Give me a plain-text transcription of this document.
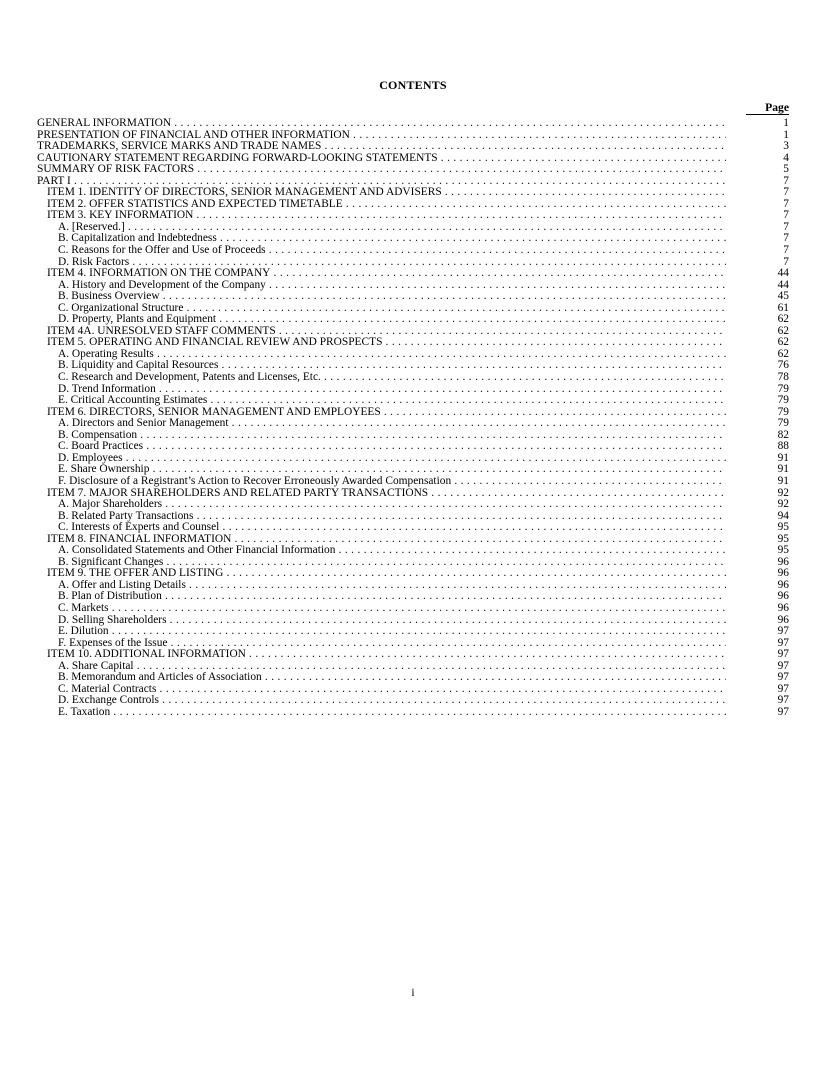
CONTENTS
Page
GENERAL INFORMATION . . .	1
PRESENTATION OF FINANCIAL AND OTHER INFORMATION . . .	1
TRADEMARKS, SERVICE MARKS AND TRADE NAMES . . .	3
CAUTIONARY STATEMENT REGARDING FORWARD-LOOKING STATEMENTS . . .	4
SUMMARY OF RISK FACTORS . . .	5
PART I . . .	7
ITEM 1. IDENTITY OF DIRECTORS, SENIOR MANAGEMENT AND ADVISERS . . .	7
ITEM 2. OFFER STATISTICS AND EXPECTED TIMETABLE . . .	7
ITEM 3. KEY INFORMATION . . .	7
A. [Reserved.] . . .	7
B. Capitalization and Indebtedness . . .	7
C. Reasons for the Offer and Use of Proceeds . . .	7
D. Risk Factors . . .	7
ITEM 4. INFORMATION ON THE COMPANY . . .	44
A. History and Development of the Company . . .	44
B. Business Overview . . .	45
C. Organizational Structure . . .	61
D. Property, Plants and Equipment . . .	62
ITEM 4A. UNRESOLVED STAFF COMMENTS . . .	62
ITEM 5. OPERATING AND FINANCIAL REVIEW AND PROSPECTS . . .	62
A. Operating Results . . .	62
B. Liquidity and Capital Resources . . .	76
C. Research and Development, Patents and Licenses, Etc. . . .	78
D. Trend Information . . .	79
E. Critical Accounting Estimates . . .	79
ITEM 6. DIRECTORS, SENIOR MANAGEMENT AND EMPLOYEES . . .	79
A. Directors and Senior Management . . .	79
B. Compensation . . .	82
C. Board Practices . . .	88
D. Employees . . .	91
E. Share Ownership . . .	91
F. Disclosure of a Registrant’s Action to Recover Erroneously Awarded Compensation . . .	91
ITEM 7. MAJOR SHAREHOLDERS AND RELATED PARTY TRANSACTIONS . . .	92
A. Major Shareholders . . .	92
B. Related Party Transactions . . .	94
C. Interests of Experts and Counsel . . .	95
ITEM 8. FINANCIAL INFORMATION . . .	95
A. Consolidated Statements and Other Financial Information . . .	95
B. Significant Changes . . .	96
ITEM 9. THE OFFER AND LISTING . . .	96
A. Offer and Listing Details . . .	96
B. Plan of Distribution . . .	96
C. Markets . . .	96
D. Selling Shareholders . . .	96
E. Dilution . . .	97
F. Expenses of the Issue . . .	97
ITEM 10. ADDITIONAL INFORMATION . . .	97
A. Share Capital . . .	97
B. Memorandum and Articles of Association . . .	97
C. Material Contracts . . .	97
D. Exchange Controls . . .	97
E. Taxation . . .	97
i
